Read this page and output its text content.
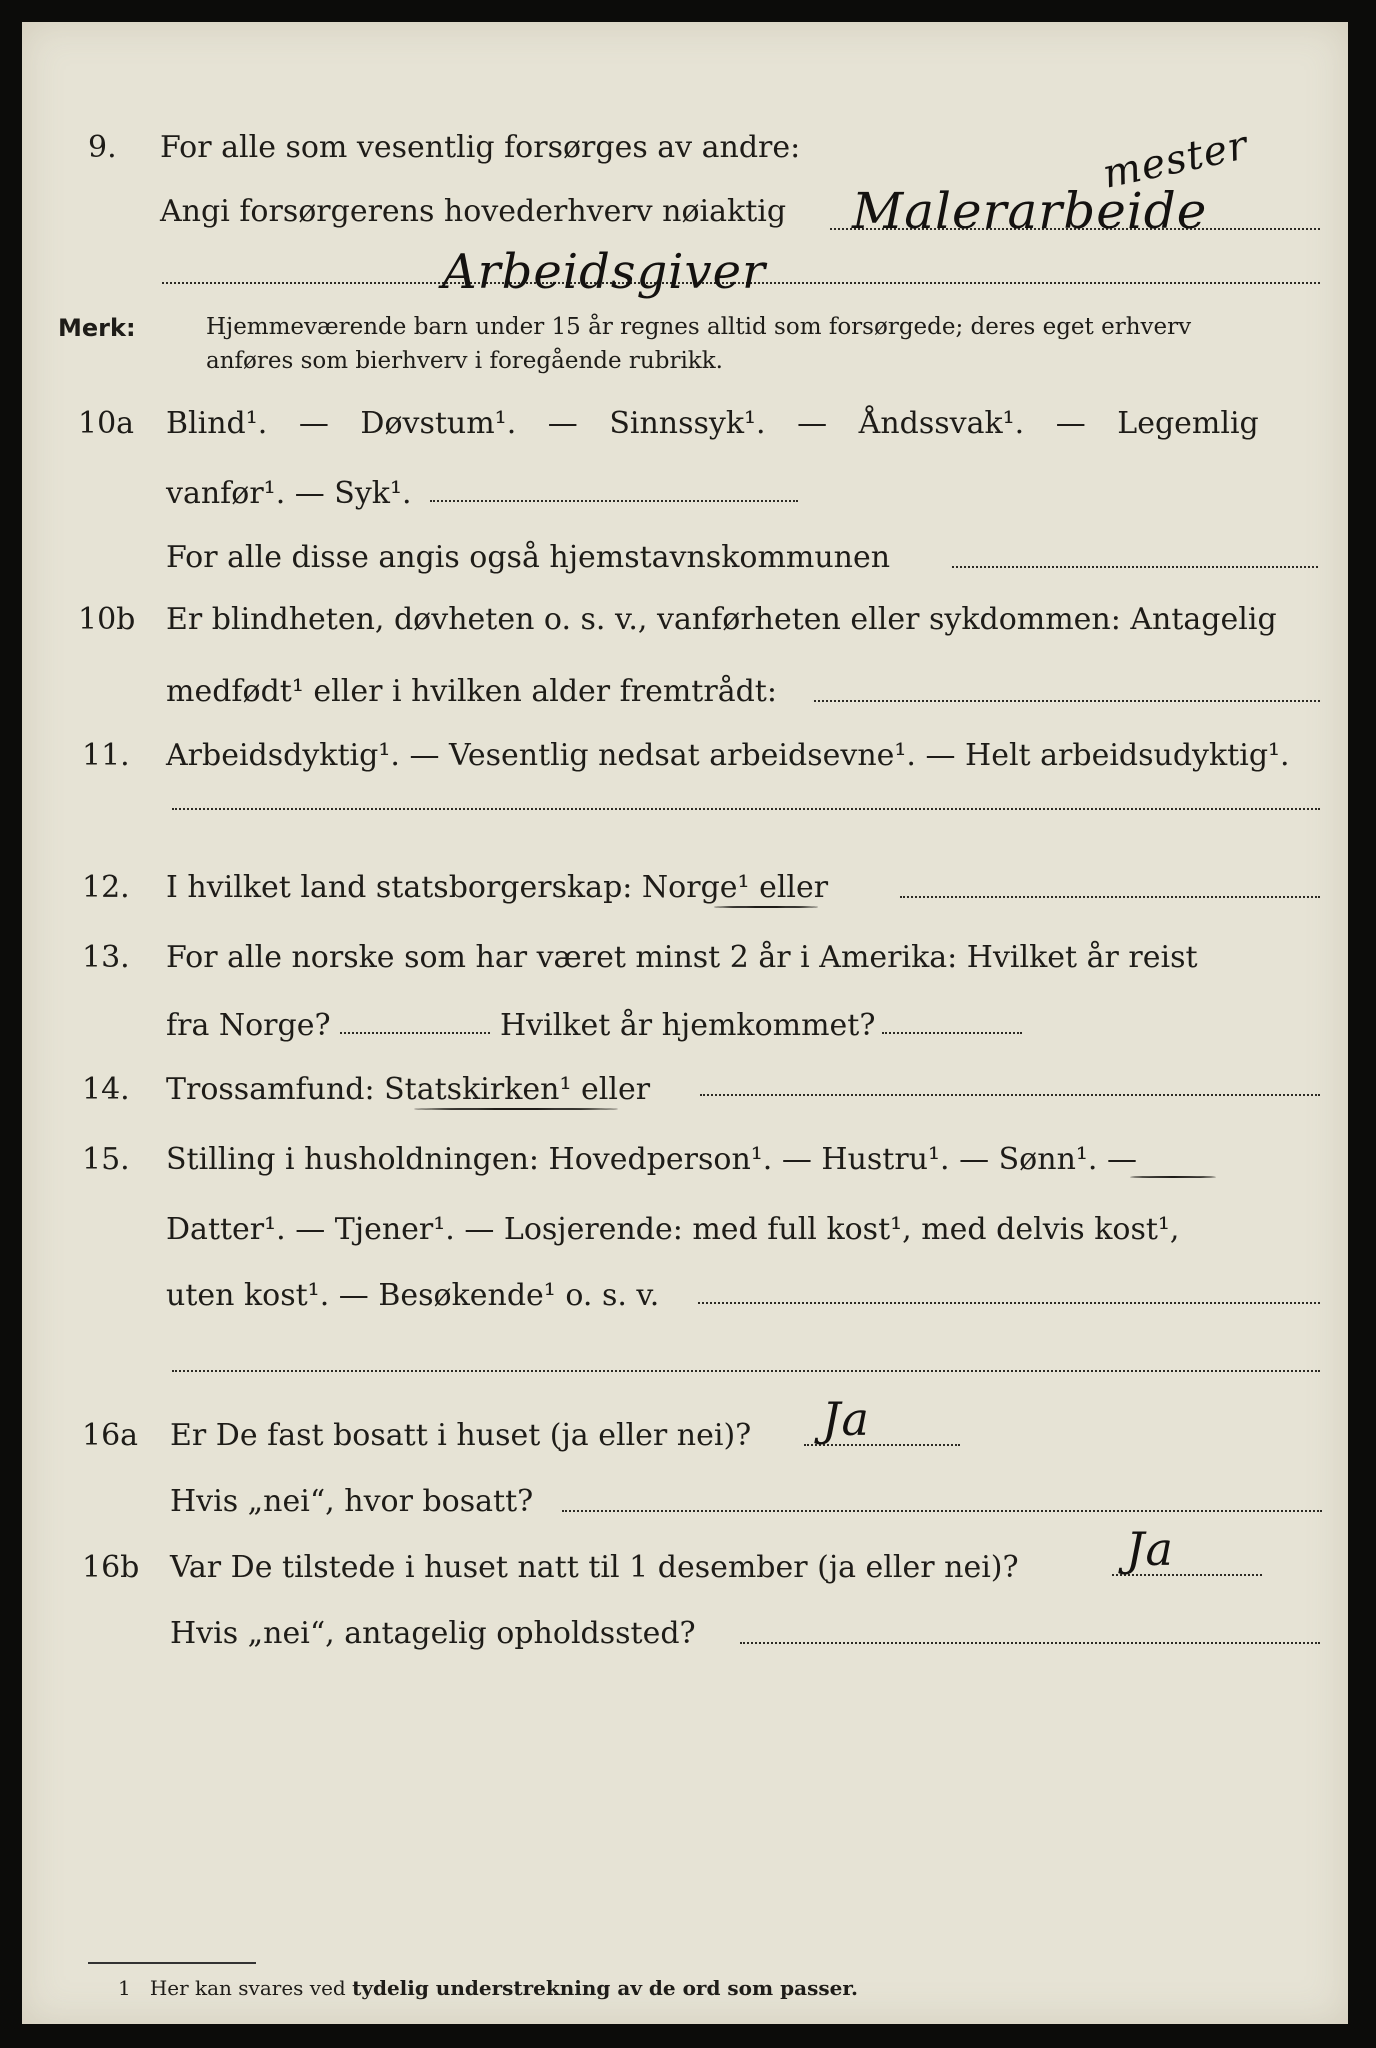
9. For alle som vesentlig forsørges av andre:
Angi forsørgerens hovederhverv nøiaktig
mester
Malerarbeide
Arbeidsgiver
Merk:	Hjemmeværende barn under 15 år regnes alltid som forsørgede; deres eget erhverv
anføres som bierhverv i foregående rubrikk.
10a Blind¹. — Døvstum¹. — Sinnssyk¹. — Åndssvak¹. — Legemlig
vanfør¹. — Syk¹.
For alle disse angis også hjemstavnskommunen
10b Er blindheten, døvheten o. s. v., vanførheten eller sykdommen: Antagelig
medfødt¹ eller i hvilken alder fremtrådt:
11. Arbeidsdyktig¹. — Vesentlig nedsat arbeidsevne¹. — Helt arbeidsudyktig¹.
12. I hvilket land statsborgerskap: Norge¹ eller
13. For alle norske som har været minst 2 år i Amerika: Hvilket år reist
fra Norge?	Hvilket år hjemkommet?
14. Trossamfund: Statskirken¹ eller
15. Stilling i husholdningen: Hovedperson¹. — Hustru¹. — Sønn¹. —
Datter¹. — Tjener¹. — Losjerende: med full kost¹, med delvis kost¹,
uten kost¹. — Besøkende¹ o. s. v.
16a Er De fast bosatt i huset (ja eller nei)? Ja
Hvis „nei“, hvor bosatt?
16b Var De tilstede i huset natt til 1 desember (ja eller nei)? Ja
Hvis „nei“, antagelig opholdssted?
1 Her kan svares ved tydelig understrekning av de ord som passer.
